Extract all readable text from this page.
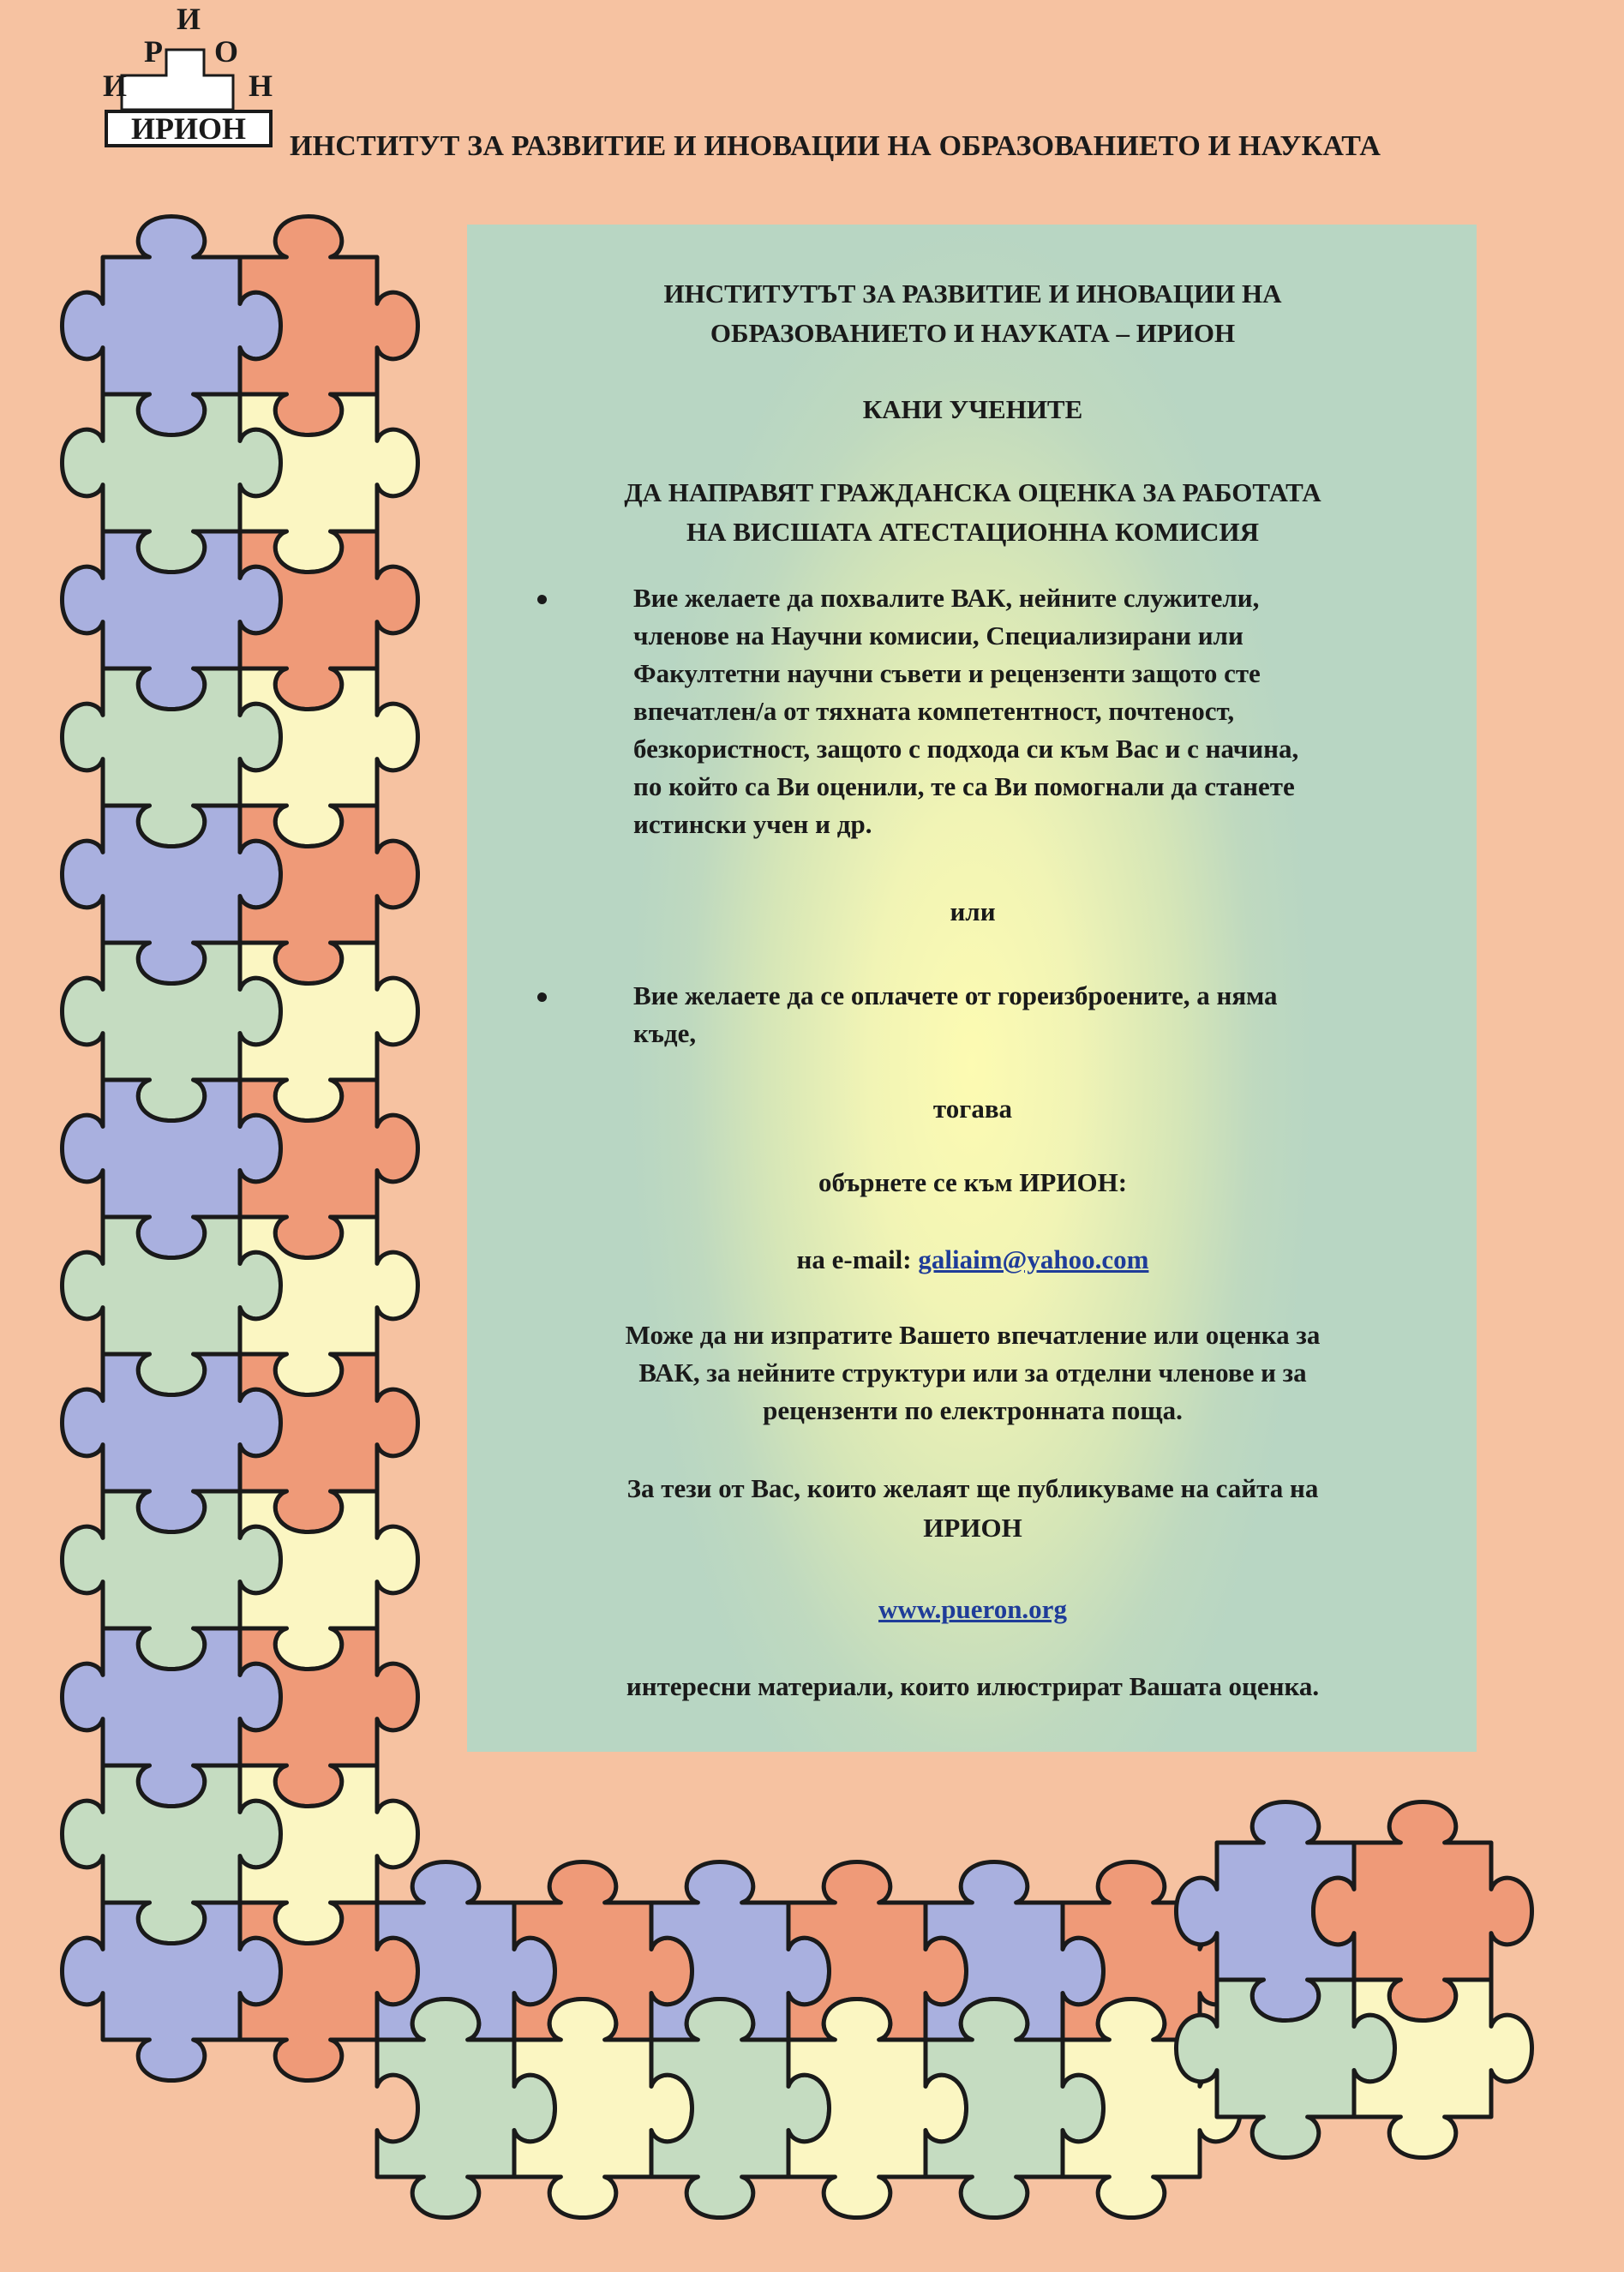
И
Р О
И	Н
ИРИОН
ИНСТИТУТ ЗА РАЗВИТИЕ И ИНОВАЦИИ НА ОБРАЗОВАНИЕТО И НАУКАТА
ИНСТИТУТЪТ ЗА РАЗВИТИЕ И ИНОВАЦИИ НА
ОБРАЗОВАНИЕТО И НАУКАТА – ИРИОН
КАНИ УЧЕНИТЕ
ДА НАПРАВЯТ ГРАЖДАНСКА ОЦЕНКА ЗА РАБОТАТА
НА ВИСШАТА АТЕСТАЦИОННА КОМИСИЯ
Вие желаете да похвалите ВАК, нейните служители,
членове на Научни комисии, Специализирани или
Факултетни научни съвети и рецензенти защото сте
впечатлен/а от тяхната компетентност, почтеност,
безкористност, защото с подхода си към Вас и с начина,
по който са Ви оценили, те са Ви помогнали да станете
истински учен и др.
или
Вие желаете да се оплачете от гореизброените, а няма
къде,
тогава
обърнете се към ИРИОН:
на e-mail: galiaim@yahoo.com
Може да ни изпратите Вашето впечатление или оценка за
ВАК, за нейните структури или за отделни членове и за
рецензенти по електронната поща.
За тези от Вас, които желаят ще публикуваме на сайта на
ИРИОН
www.pueron.org
интересни материали, които илюстрират Вашата оценка.
